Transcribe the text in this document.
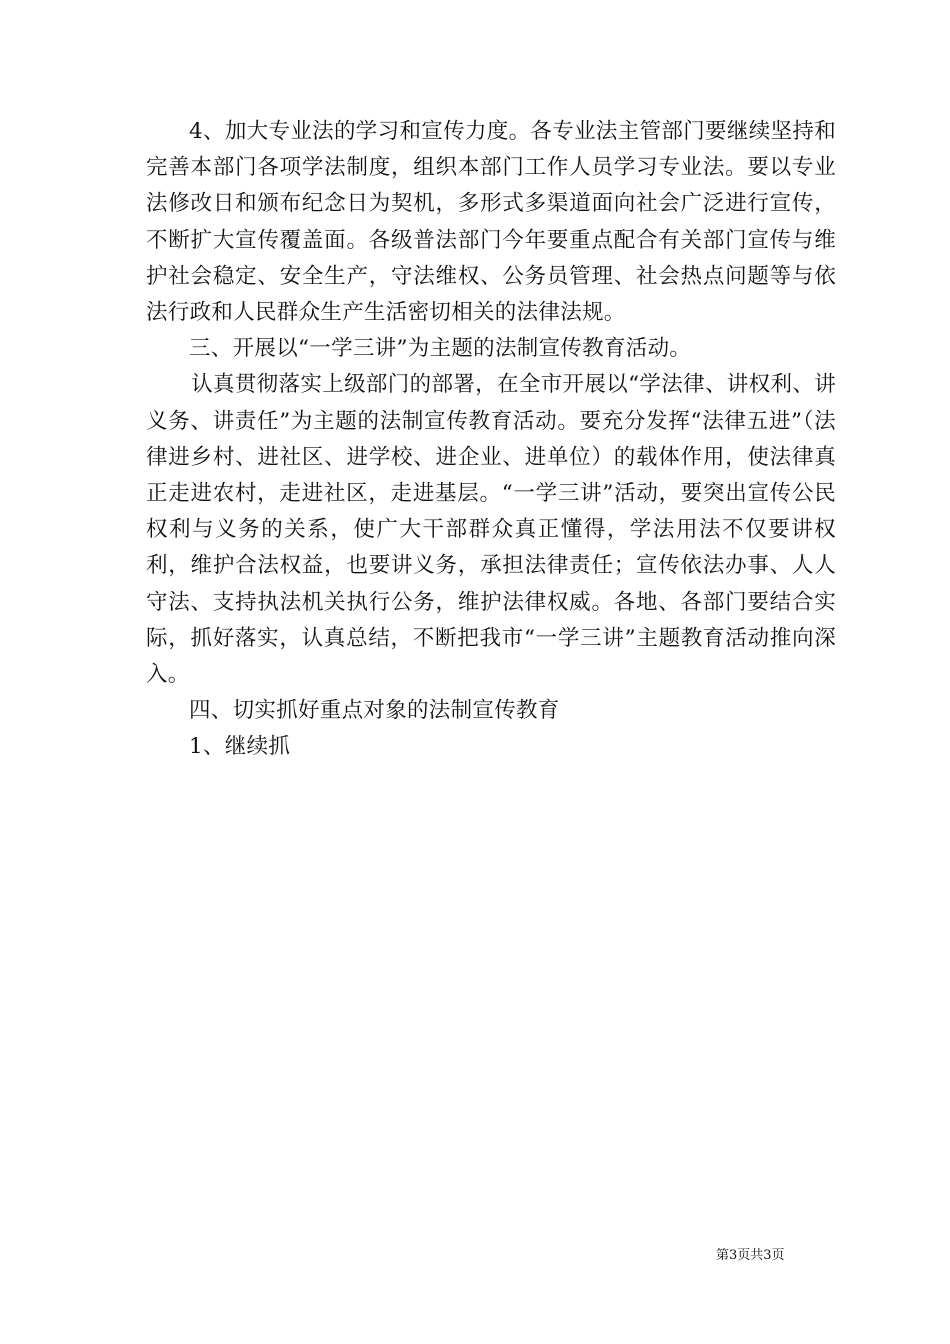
4、加大专业法的学习和宣传力度。各专业法主管部门要继续坚持和完善本部门各项学法制度，组织本部门工作人员学习专业法。要以专业法修改日和颁布纪念日为契机，多形式多渠道面向社会广泛进行宣传，不断扩大宣传覆盖面。各级普法部门今年要重点配合有关部门宣传与维护社会稳定、安全生产，守法维权、公务员管理、社会热点问题等与依法行政和人民群众生产生活密切相关的法律法规。

三、开展以“一学三讲”为主题的法制宣传教育活动。

认真贯彻落实上级部门的部署，在全市开展以“学法律、讲权利、讲义务、讲责任”为主题的法制宣传教育活动。要充分发挥“法律五进”（法律进乡村、进社区、进学校、进企业、进单位）的载体作用，使法律真正走进农村，走进社区，走进基层。“一学三讲”活动，要突出宣传公民权利与义务的关系，使广大干部群众真正懂得，学法用法不仅要讲权利，维护合法权益，也要讲义务，承担法律责任；宣传依法办事、人人守法、支持执法机关执行公务，维护法律权威。各地、各部门要结合实际，抓好落实，认真总结，不断把我市“一学三讲”主题教育活动推向深入。

四、切实抓好重点对象的法制宣传教育

1、继续抓

第3页共3页
